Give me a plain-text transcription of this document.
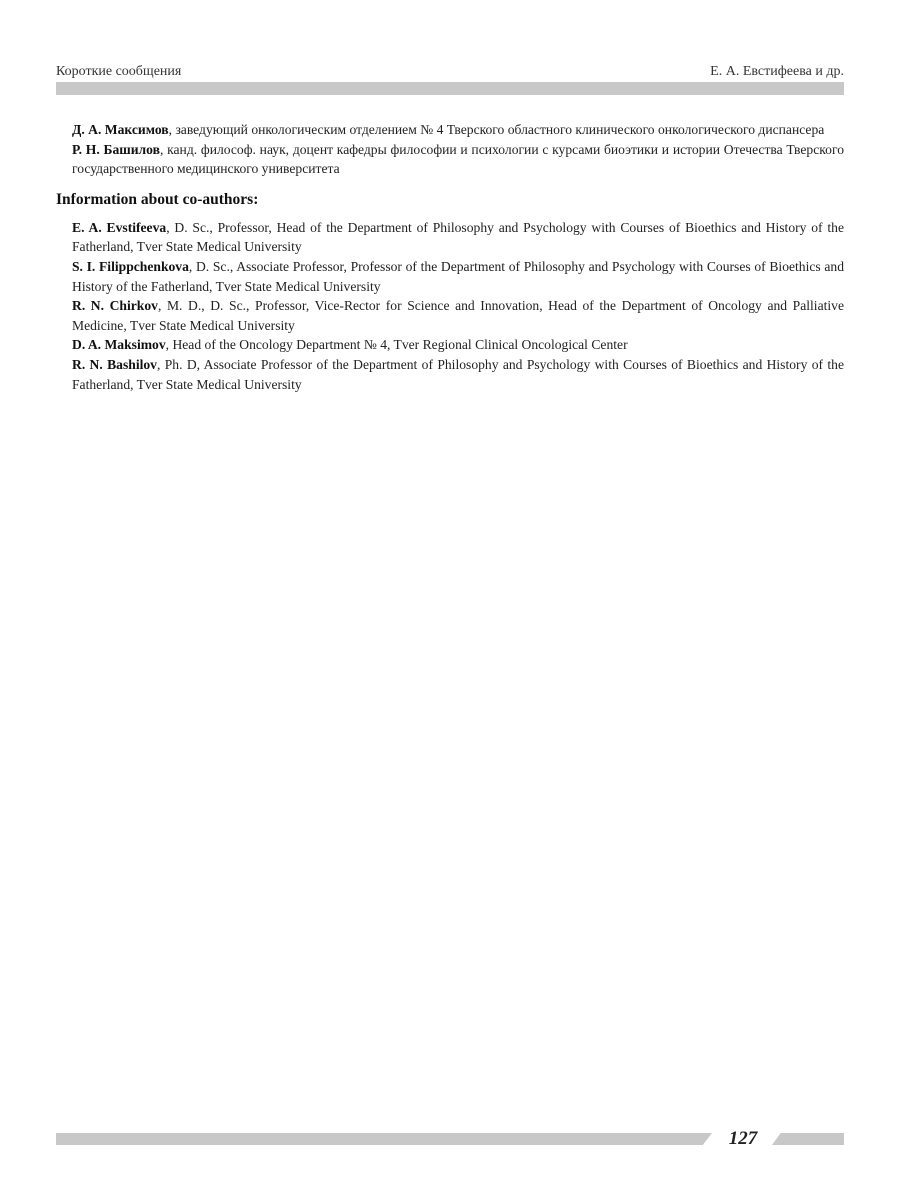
Короткие сообщения	Е. А. Евстифеева и др.

Д. А. Максимов, заведующий онкологическим отделением № 4 Тверского областного клинического онкологического диспансера

Р. Н. Башилов, канд. философ. наук, доцент кафедры философии и психологии с курсами биоэтики и истории Отечества Тверского государственного медицинского университета

Information about co-authors:

E. A. Evstifeeva, D. Sc., Professor, Head of the Department of Philosophy and Psychology with Courses of Bioethics and History of the Fatherland, Tver State Medical University

S. I. Filippchenkova, D. Sc., Associate Professor, Professor of the Department of Philosophy and Psychology with Courses of Bioethics and History of the Fatherland, Tver State Medical University

R. N. Chirkov, M. D., D. Sc., Professor, Vice-Rector for Science and Innovation, Head of the Department of Oncology and Palliative Medicine, Tver State Medical University

D. A. Maksimov, Head of the Oncology Department № 4, Tver Regional Clinical Oncological Center

R. N. Bashilov, Ph. D, Associate Professor of the Department of Philosophy and Psychology with Courses of Bioethics and History of the Fatherland, Tver State Medical University

127
